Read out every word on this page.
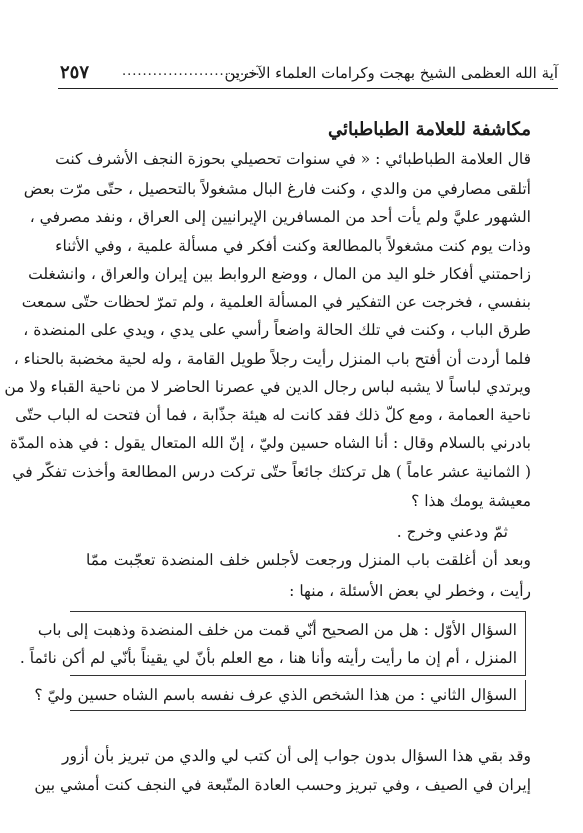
آية الله العظمى الشيخ بهجت وكرامات العلماء الآخرين
...........................
٢٥٧
مكاشفة للعلامة الطباطبائي
قال العلامة الطباطبائي : « في سنوات تحصيلي بحوزة النجف الأشرف كنت
أتلقى مصارفي من والدي ، وكنت فارغ البال مشغولاً بالتحصيل ، حتّى مرّت بعض
الشهور عليَّ ولم يأت أحد من المسافرين الإيرانيين إلى العراق ، ونفد مصرفي ،
وذات يوم كنت مشغولاً بالمطالعة وكنت أفكر في مسألة علمية ، وفي الأثناء
زاحمتني أفكار خلو اليد من المال ، ووضع الروابط بين إيران والعراق ، وانشغلت
بنفسي ، فخرجت عن التفكير في المسألة العلمية ، ولم تمرّ لحظات حتّى سمعت
طرق الباب ، وكنت في تلك الحالة واضعاً رأسي على يدي ، ويدي على المنضدة ،
فلما أردت أن أفتح باب المنزل رأيت رجلاً طويل القامة ، وله لحية مخضبة بالحناء ،
ويرتدي لباساً لا يشبه لباس رجال الدين في عصرنا الحاضر لا من ناحية القباء ولا من
ناحية العمامة ، ومع كلّ ذلك فقد كانت له هيئة جذّابة ، فما أن فتحت له الباب حتّى
بادرني بالسلام وقال : أنا الشاه حسين وليّ ، إنّ الله المتعال يقول : في هذه المدّة
( الثمانية عشر عاماً ) هل تركتك جائعاً حتّى تركت درس المطالعة وأخذت تفكّر في
معيشة يومك هذا ؟
ثمّ ودعني وخرج .
وبعد أن أغلقت باب المنزل ورجعت لأجلس خلف المنضدة تعجّبت ممّا
رأيت ، وخطر لي بعض الأسئلة ، منها :
السؤال الأوّل : هل من الصحيح أنّي قمت من خلف المنضدة وذهبت إلى باب
المنزل ، أم إن ما رأيت رأيته وأنا هنا ، مع العلم بأنّ لي يقيناً بأنّي لم أكن نائماً .
السؤال الثاني : من هذا الشخص الذي عرف نفسه باسم الشاه حسين وليّ ؟
وقد بقي هذا السؤال بدون جواب إلى أن كتب لي والدي من تبريز بأن أزور
إيران في الصيف ، وفي تبريز وحسب العادة المتّبعة في النجف كنت أمشي بين
